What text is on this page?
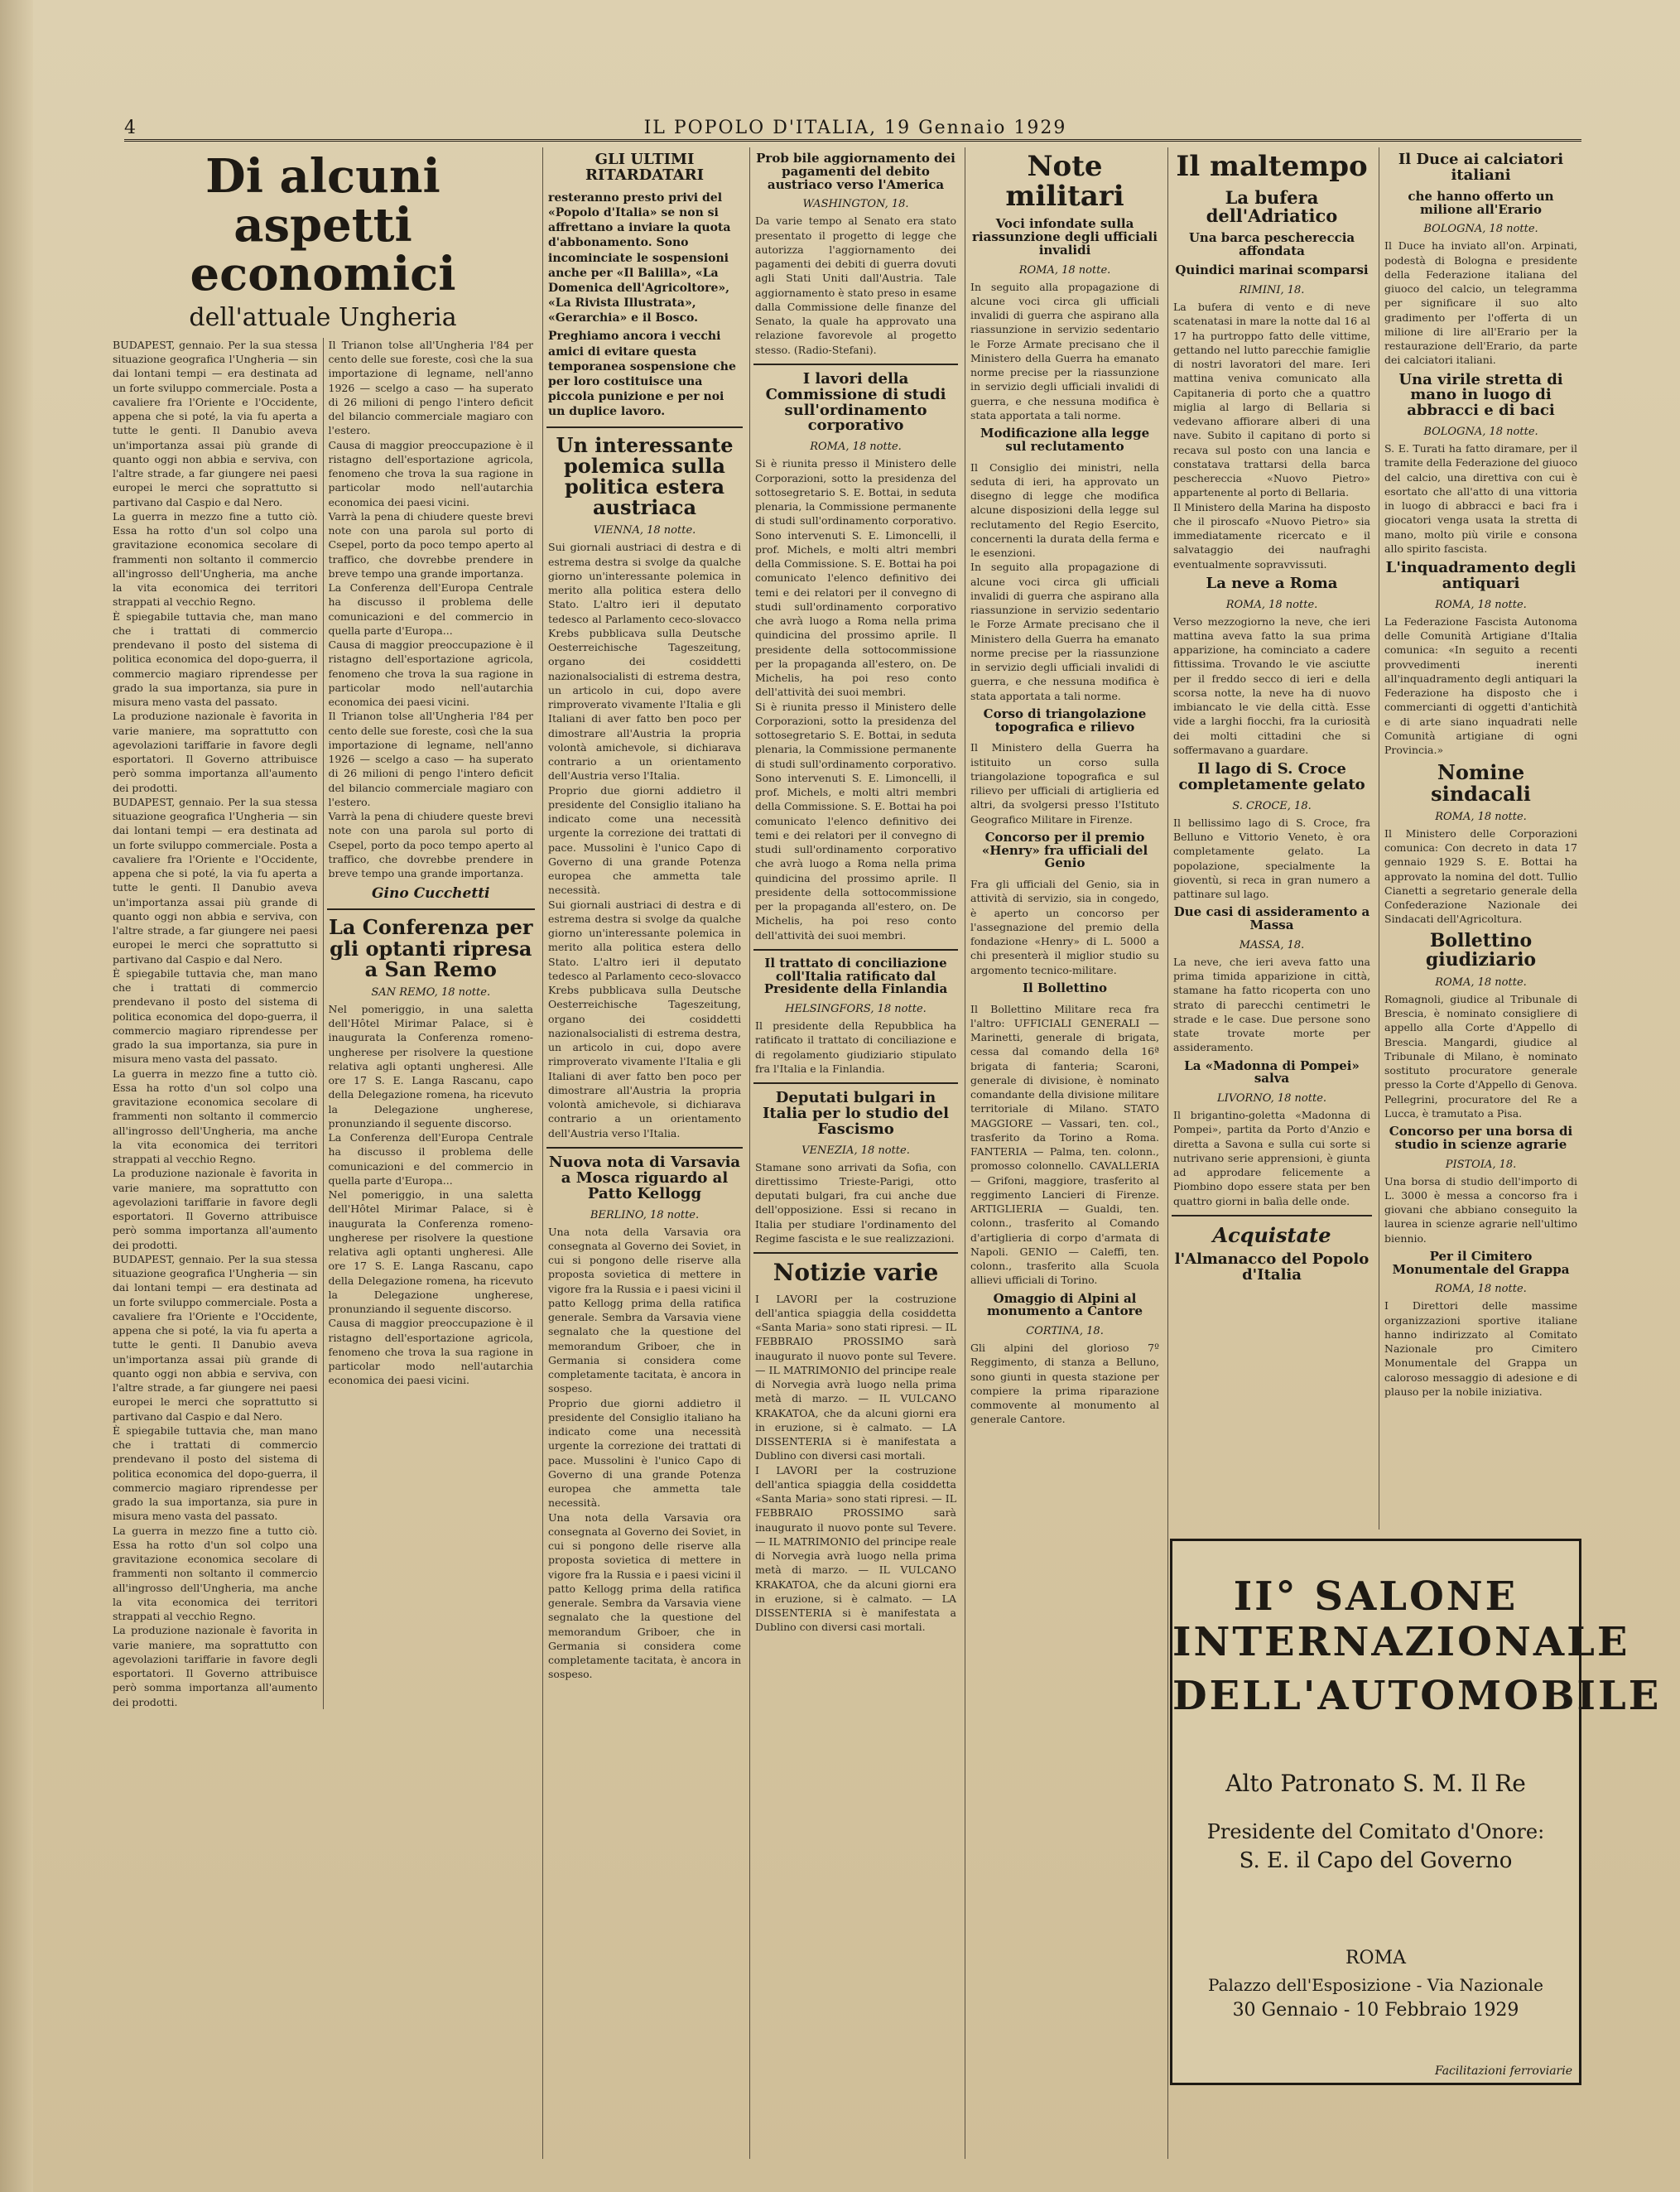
4	IL POPOLO D'ITALIA, 19 Gennaio 1929
Di alcuni aspetti economici
dell'attuale Ungheria

BUDAPEST, gennaio. Per la sua stessa situazione geografica l'Ungheria — sin dai lontani tempi — era destinata ad un forte sviluppo commerciale. Posta a cavaliere fra l'Oriente e l'Occidente, appena che si poté, la via fu aperta a tutte le genti. Il Danubio aveva un'importanza assai più grande di quanto oggi non abbia e serviva, con l'altre strade, a far giungere nei paesi europei le merci che soprattutto si partivano dal Caspio e dal Nero.

La guerra in mezzo fine a tutto ciò. Essa ha rotto d'un sol colpo una gravitazione economica secolare di frammenti non soltanto il commercio all'ingrosso dell'Ungheria, ma anche la vita economica dei territori strappati al vecchio Regno.

È spiegabile tuttavia che, man mano che i trattati di commercio prendevano il posto del sistema di politica economica del dopo-guerra, il commercio magiaro riprendesse per grado la sua importanza, sia pure in misura meno vasta del passato.

La produzione nazionale è favorita in varie maniere, ma soprattutto con agevolazioni tariffarie in favore degli esportatori. Il Governo attribuisce però somma importanza all'aumento dei prodotti.

BUDAPEST, gennaio. Per la sua stessa situazione geografica l'Ungheria — sin dai lontani tempi — era destinata ad un forte sviluppo commerciale. Posta a cavaliere fra l'Oriente e l'Occidente, appena che si poté, la via fu aperta a tutte le genti. Il Danubio aveva un'importanza assai più grande di quanto oggi non abbia e serviva, con l'altre strade, a far giungere nei paesi europei le merci che soprattutto si partivano dal Caspio e dal Nero.

È spiegabile tuttavia che, man mano che i trattati di commercio prendevano il posto del sistema di politica economica del dopo-guerra, il commercio magiaro riprendesse per grado la sua importanza, sia pure in misura meno vasta del passato.

La guerra in mezzo fine a tutto ciò. Essa ha rotto d'un sol colpo una gravitazione economica secolare di frammenti non soltanto il commercio all'ingrosso dell'Ungheria, ma anche la vita economica dei territori strappati al vecchio Regno.

La produzione nazionale è favorita in varie maniere, ma soprattutto con agevolazioni tariffarie in favore degli esportatori. Il Governo attribuisce però somma importanza all'aumento dei prodotti.

BUDAPEST, gennaio. Per la sua stessa situazione geografica l'Ungheria — sin dai lontani tempi — era destinata ad un forte sviluppo commerciale. Posta a cavaliere fra l'Oriente e l'Occidente, appena che si poté, la via fu aperta a tutte le genti. Il Danubio aveva un'importanza assai più grande di quanto oggi non abbia e serviva, con l'altre strade, a far giungere nei paesi europei le merci che soprattutto si partivano dal Caspio e dal Nero.

È spiegabile tuttavia che, man mano che i trattati di commercio prendevano il posto del sistema di politica economica del dopo-guerra, il commercio magiaro riprendesse per grado la sua importanza, sia pure in misura meno vasta del passato.

La guerra in mezzo fine a tutto ciò. Essa ha rotto d'un sol colpo una gravitazione economica secolare di frammenti non soltanto il commercio all'ingrosso dell'Ungheria, ma anche la vita economica dei territori strappati al vecchio Regno.

La produzione nazionale è favorita in varie maniere, ma soprattutto con agevolazioni tariffarie in favore degli esportatori. Il Governo attribuisce però somma importanza all'aumento dei prodotti.

Il Trianon tolse all'Ungheria l'84 per cento delle sue foreste, così che la sua importazione di legname, nell'anno 1926 — scelgo a caso — ha superato di 26 milioni di pengo l'intero deficit del bilancio commerciale magiaro con l'estero.

Causa di maggior preoccupazione è il ristagno dell'esportazione agricola, fenomeno che trova la sua ragione in particolar modo nell'autarchia economica dei paesi vicini.

Varrà la pena di chiudere queste brevi note con una parola sul porto di Csepel, porto da poco tempo aperto al traffico, che dovrebbe prendere in breve tempo una grande importanza.

La Conferenza dell'Europa Centrale ha discusso il problema delle comunicazioni e del commercio in quella parte d'Europa...

Causa di maggior preoccupazione è il ristagno dell'esportazione agricola, fenomeno che trova la sua ragione in particolar modo nell'autarchia economica dei paesi vicini.

Il Trianon tolse all'Ungheria l'84 per cento delle sue foreste, così che la sua importazione di legname, nell'anno 1926 — scelgo a caso — ha superato di 26 milioni di pengo l'intero deficit del bilancio commerciale magiaro con l'estero.

Varrà la pena di chiudere queste brevi note con una parola sul porto di Csepel, porto da poco tempo aperto al traffico, che dovrebbe prendere in breve tempo una grande importanza.

Gino Cucchetti
La Conferenza per gli optanti ripresa a San Remo
SAN REMO, 18 notte.

Nel pomeriggio, in una saletta dell'Hôtel Mirimar Palace, si è inaugurata la Conferenza romeno-ungherese per risolvere la questione relativa agli optanti ungheresi. Alle ore 17 S. E. Langa Rascanu, capo della Delegazione romena, ha ricevuto la Delegazione ungherese, pronunziando il seguente discorso.

La Conferenza dell'Europa Centrale ha discusso il problema delle comunicazioni e del commercio in quella parte d'Europa...

Nel pomeriggio, in una saletta dell'Hôtel Mirimar Palace, si è inaugurata la Conferenza romeno-ungherese per risolvere la questione relativa agli optanti ungheresi. Alle ore 17 S. E. Langa Rascanu, capo della Delegazione romena, ha ricevuto la Delegazione ungherese, pronunziando il seguente discorso.

Causa di maggior preoccupazione è il ristagno dell'esportazione agricola, fenomeno che trova la sua ragione in particolar modo nell'autarchia economica dei paesi vicini.

GLI ULTIMI RITARDATARI
resteranno presto privi del «Popolo d'Italia» se non si affrettano a inviare la quota d'abbonamento. Sono incominciate le sospensioni anche per «Il Balilla», «La Domenica dell'Agricoltore», «La Rivista Illustrata», «Gerarchia» e il Bosco.
Preghiamo ancora i vecchi amici di evitare questa temporanea sospensione che per loro costituisce una piccola punizione e per noi un duplice lavoro.
Un interessante polemica sulla politica estera austriaca
VIENNA, 18 notte.

Sui giornali austriaci di destra e di estrema destra si svolge da qualche giorno un'interessante polemica in merito alla politica estera dello Stato. L'altro ieri il deputato tedesco al Parlamento ceco-slovacco Krebs pubblicava sulla Deutsche Oesterreichische Tageszeitung, organo dei cosiddetti nazionalsocialisti di estrema destra, un articolo in cui, dopo avere rimproverato vivamente l'Italia e gli Italiani di aver fatto ben poco per dimostrare all'Austria la propria volontà amichevole, si dichiarava contrario a un orientamento dell'Austria verso l'Italia.

Proprio due giorni addietro il presidente del Consiglio italiano ha indicato come una necessità urgente la correzione dei trattati di pace. Mussolini è l'unico Capo di Governo di una grande Potenza europea che ammetta tale necessità.

Sui giornali austriaci di destra e di estrema destra si svolge da qualche giorno un'interessante polemica in merito alla politica estera dello Stato. L'altro ieri il deputato tedesco al Parlamento ceco-slovacco Krebs pubblicava sulla Deutsche Oesterreichische Tageszeitung, organo dei cosiddetti nazionalsocialisti di estrema destra, un articolo in cui, dopo avere rimproverato vivamente l'Italia e gli Italiani di aver fatto ben poco per dimostrare all'Austria la propria volontà amichevole, si dichiarava contrario a un orientamento dell'Austria verso l'Italia.

Nuova nota di Varsavia a Mosca riguardo al Patto Kellogg
BERLINO, 18 notte.

Una nota della Varsavia ora consegnata al Governo dei Soviet, in cui si pongono delle riserve alla proposta sovietica di mettere in vigore fra la Russia e i paesi vicini il patto Kellogg prima della ratifica generale. Sembra da Varsavia viene segnalato che la questione del memorandum Griboer, che in Germania si considera come completamente tacitata, è ancora in sospeso.

Proprio due giorni addietro il presidente del Consiglio italiano ha indicato come una necessità urgente la correzione dei trattati di pace. Mussolini è l'unico Capo di Governo di una grande Potenza europea che ammetta tale necessità.

Una nota della Varsavia ora consegnata al Governo dei Soviet, in cui si pongono delle riserve alla proposta sovietica di mettere in vigore fra la Russia e i paesi vicini il patto Kellogg prima della ratifica generale. Sembra da Varsavia viene segnalato che la questione del memorandum Griboer, che in Germania si considera come completamente tacitata, è ancora in sospeso.

Prob bile aggiornamento dei pagamenti del debito austriaco verso l'America
WASHINGTON, 18.

Da varie tempo al Senato era stato presentato il progetto di legge che autorizza l'aggiornamento dei pagamenti dei debiti di guerra dovuti agli Stati Uniti dall'Austria. Tale aggiornamento è stato preso in esame dalla Commissione delle finanze del Senato, la quale ha approvato una relazione favorevole al progetto stesso. (Radio-Stefani).

I lavori della Commissione di studi sull'ordinamento corporativo
ROMA, 18 notte.

Si è riunita presso il Ministero delle Corporazioni, sotto la presidenza del sottosegretario S. E. Bottai, in seduta plenaria, la Commissione permanente di studi sull'ordinamento corporativo. Sono intervenuti S. E. Limoncelli, il prof. Michels, e molti altri membri della Commissione. S. E. Bottai ha poi comunicato l'elenco definitivo dei temi e dei relatori per il convegno di studi sull'ordinamento corporativo che avrà luogo a Roma nella prima quindicina del prossimo aprile. Il presidente della sottocommissione per la propaganda all'estero, on. De Michelis, ha poi reso conto dell'attività dei suoi membri.

Si è riunita presso il Ministero delle Corporazioni, sotto la presidenza del sottosegretario S. E. Bottai, in seduta plenaria, la Commissione permanente di studi sull'ordinamento corporativo. Sono intervenuti S. E. Limoncelli, il prof. Michels, e molti altri membri della Commissione. S. E. Bottai ha poi comunicato l'elenco definitivo dei temi e dei relatori per il convegno di studi sull'ordinamento corporativo che avrà luogo a Roma nella prima quindicina del prossimo aprile. Il presidente della sottocommissione per la propaganda all'estero, on. De Michelis, ha poi reso conto dell'attività dei suoi membri.

Il trattato di conciliazione coll'Italia ratificato dal Presidente della Finlandia
HELSINGFORS, 18 notte.

Il presidente della Repubblica ha ratificato il trattato di conciliazione e di regolamento giudiziario stipulato fra l'Italia e la Finlandia.

Deputati bulgari in Italia per lo studio del Fascismo
VENEZIA, 18 notte.

Stamane sono arrivati da Sofia, con direttissimo Trieste-Parigi, otto deputati bulgari, fra cui anche due dell'opposizione. Essi si recano in Italia per studiare l'ordinamento del Regime fascista e le sue realizzazioni.

Notizie varie

I LAVORI per la costruzione dell'antica spiaggia della cosiddetta «Santa Maria» sono stati ripresi. — IL FEBBRAIO PROSSIMO sarà inaugurato il nuovo ponte sul Tevere. — IL MATRIMONIO del principe reale di Norvegia avrà luogo nella prima metà di marzo. — IL VULCANO KRAKATOA, che da alcuni giorni era in eruzione, si è calmato. — LA DISSENTERIA si è manifestata a Dublino con diversi casi mortali.

I LAVORI per la costruzione dell'antica spiaggia della cosiddetta «Santa Maria» sono stati ripresi. — IL FEBBRAIO PROSSIMO sarà inaugurato il nuovo ponte sul Tevere. — IL MATRIMONIO del principe reale di Norvegia avrà luogo nella prima metà di marzo. — IL VULCANO KRAKATOA, che da alcuni giorni era in eruzione, si è calmato. — LA DISSENTERIA si è manifestata a Dublino con diversi casi mortali.

Note militari
Voci infondate sulla riassunzione degli ufficiali invalidi
ROMA, 18 notte.

In seguito alla propagazione di alcune voci circa gli ufficiali invalidi di guerra che aspirano alla riassunzione in servizio sedentario le Forze Armate precisano che il Ministero della Guerra ha emanato norme precise per la riassunzione in servizio degli ufficiali invalidi di guerra, e che nessuna modifica è stata apportata a tali norme.

Modificazione alla legge sul reclutamento

Il Consiglio dei ministri, nella seduta di ieri, ha approvato un disegno di legge che modifica alcune disposizioni della legge sul reclutamento del Regio Esercito, concernenti la durata della ferma e le esenzioni.

In seguito alla propagazione di alcune voci circa gli ufficiali invalidi di guerra che aspirano alla riassunzione in servizio sedentario le Forze Armate precisano che il Ministero della Guerra ha emanato norme precise per la riassunzione in servizio degli ufficiali invalidi di guerra, e che nessuna modifica è stata apportata a tali norme.

Corso di triangolazione topografica e rilievo

Il Ministero della Guerra ha istituito un corso sulla triangolazione topografica e sul rilievo per ufficiali di artiglieria ed altri, da svolgersi presso l'Istituto Geografico Militare in Firenze.

Concorso per il premio «Henry» fra ufficiali del Genio

Fra gli ufficiali del Genio, sia in attività di servizio, sia in congedo, è aperto un concorso per l'assegnazione del premio della fondazione «Henry» di L. 5000 a chi presenterà il miglior studio su argomento tecnico-militare.

Il Bollettino

Il Bollettino Militare reca fra l'altro: UFFICIALI GENERALI — Marinetti, generale di brigata, cessa dal comando della 16ª brigata di fanteria; Scaroni, generale di divisione, è nominato comandante della divisione militare territoriale di Milano. STATO MAGGIORE — Vassari, ten. col., trasferito da Torino a Roma. FANTERIA — Palma, ten. colonn., promosso colonnello. CAVALLERIA — Grifoni, maggiore, trasferito al reggimento Lancieri di Firenze. ARTIGLIERIA — Gualdi, ten. colonn., trasferito al Comando d'artiglieria di corpo d'armata di Napoli. GENIO — Caleffi, ten. colonn., trasferito alla Scuola allievi ufficiali di Torino.

Omaggio di Alpini al monumento a Cantore
CORTINA, 18.

Gli alpini del glorioso 7º Reggimento, di stanza a Belluno, sono giunti in questa stazione per compiere la prima riparazione commovente al monumento al generale Cantore.

Il maltempo
La bufera dell'Adriatico
Una barca peschereccia affondata
Quindici marinai scomparsi
RIMINI, 18.

La bufera di vento e di neve scatenatasi in mare la notte dal 16 al 17 ha purtroppo fatto delle vittime, gettando nel lutto parecchie famiglie di nostri lavoratori del mare. Ieri mattina veniva comunicato alla Capitaneria di porto che a quattro miglia al largo di Bellaria si vedevano affiorare alberi di una nave. Subito il capitano di porto si recava sul posto con una lancia e constatava trattarsi della barca peschereccia «Nuovo Pietro» appartenente al porto di Bellaria.

Il Ministero della Marina ha disposto che il piroscafo «Nuovo Pietro» sia immediatamente ricercato e il salvataggio dei naufraghi eventualmente sopravvissuti.

La neve a Roma
ROMA, 18 notte.

Verso mezzogiorno la neve, che ieri mattina aveva fatto la sua prima apparizione, ha cominciato a cadere fittissima. Trovando le vie asciutte per il freddo secco di ieri e della scorsa notte, la neve ha di nuovo imbiancato le vie della città. Esse vide a larghi fiocchi, fra la curiosità dei molti cittadini che si soffermavano a guardare.

Il lago di S. Croce completamente gelato
S. CROCE, 18.

Il bellissimo lago di S. Croce, fra Belluno e Vittorio Veneto, è ora completamente gelato. La popolazione, specialmente la gioventù, si reca in gran numero a pattinare sul lago.

Due casi di assideramento a Massa
MASSA, 18.

La neve, che ieri aveva fatto una prima timida apparizione in città, stamane ha fatto ricoperta con uno strato di parecchi centimetri le strade e le case. Due persone sono state trovate morte per assideramento.

La «Madonna di Pompei» salva
LIVORNO, 18 notte.

Il brigantino-goletta «Madonna di Pompei», partita da Porto d'Anzio e diretta a Savona e sulla cui sorte si nutrivano serie apprensioni, è giunta ad approdare felicemente a Piombino dopo essere stata per ben quattro giorni in balìa delle onde.

Acquistate
l'Almanacco del Popolo d'Italia
Il Duce ai calciatori italiani
che hanno offerto un milione all'Erario
BOLOGNA, 18 notte.

Il Duce ha inviato all'on. Arpinati, podestà di Bologna e presidente della Federazione italiana del giuoco del calcio, un telegramma per significare il suo alto gradimento per l'offerta di un milione di lire all'Erario per la restaurazione dell'Erario, da parte dei calciatori italiani.

Una virile stretta di mano in luogo di abbracci e di baci
BOLOGNA, 18 notte.

S. E. Turati ha fatto diramare, per il tramite della Federazione del giuoco del calcio, una direttiva con cui è esortato che all'atto di una vittoria in luogo di abbracci e baci fra i giocatori venga usata la stretta di mano, molto più virile e consona allo spirito fascista.

L'inquadramento degli antiquari
ROMA, 18 notte.

La Federazione Fascista Autonoma delle Comunità Artigiane d'Italia comunica: «In seguito a recenti provvedimenti inerenti all'inquadramento degli antiquari la Federazione ha disposto che i commercianti di oggetti d'antichità e di arte siano inquadrati nelle Comunità artigiane di ogni Provincia.»

Nomine sindacali
ROMA, 18 notte.

Il Ministero delle Corporazioni comunica: Con decreto in data 17 gennaio 1929 S. E. Bottai ha approvato la nomina del dott. Tullio Cianetti a segretario generale della Confederazione Nazionale dei Sindacati dell'Agricoltura.

Bollettino giudiziario
ROMA, 18 notte.

Romagnoli, giudice al Tribunale di Brescia, è nominato consigliere di appello alla Corte d'Appello di Brescia. Mangardi, giudice al Tribunale di Milano, è nominato sostituto procuratore generale presso la Corte d'Appello di Genova. Pellegrini, procuratore del Re a Lucca, è tramutato a Pisa.

Concorso per una borsa di studio in scienze agrarie
PISTOIA, 18.

Una borsa di studio dell'importo di L. 3000 è messa a concorso fra i giovani che abbiano conseguito la laurea in scienze agrarie nell'ultimo biennio.

Per il Cimitero Monumentale del Grappa
ROMA, 18 notte.

I Direttori delle massime organizzazioni sportive italiane hanno indirizzato al Comitato Nazionale pro Cimitero Monumentale del Grappa un caloroso messaggio di adesione e di plauso per la nobile iniziativa.

II° SALONE INTERNAZIONALE
DELL'AUTOMOBILE
Alto Patronato S. M. Il Re
Presidente del Comitato d'Onore:
S. E. il Capo del Governo
ROMA
Palazzo dell'Esposizione - Via Nazionale
30 Gennaio - 10 Febbraio 1929
Facilitazioni ferroviarie
